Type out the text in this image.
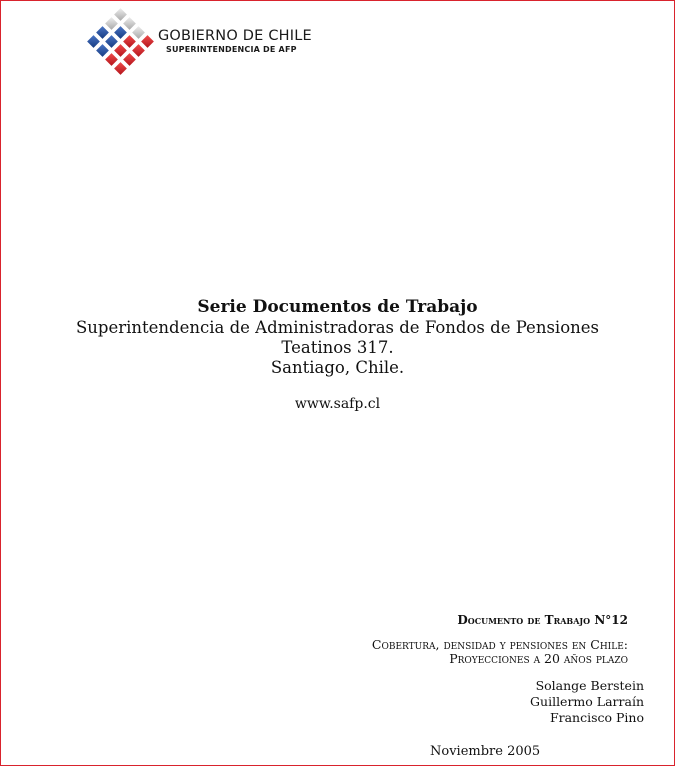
GOBIERNO DE CHILE
SUPERINTENDENCIA DE AFP
Serie Documentos de Trabajo
Superintendencia de Administradoras de Fondos de Pensiones
Teatinos 317.
Santiago, Chile.
www.safp.cl
Documento de Trabajo N°12
Cobertura, densidad y pensiones en Chile:
Proyecciones a 20 años plazo
Solange Berstein
Guillermo Larraín
Francisco Pino
Noviembre 2005
